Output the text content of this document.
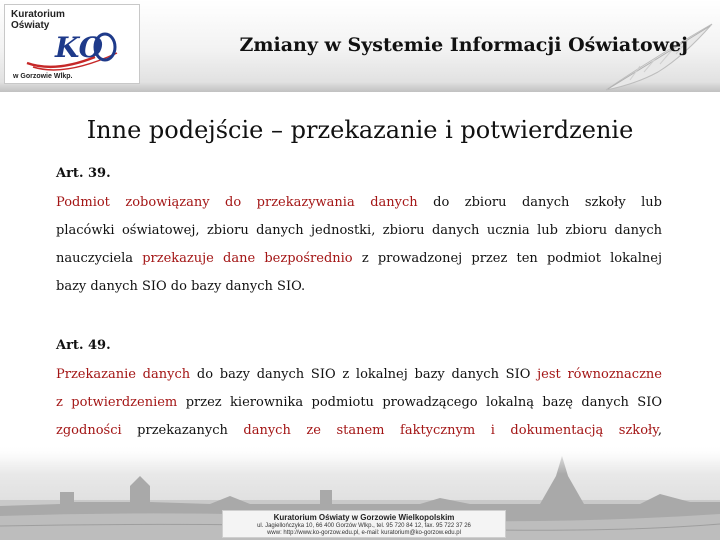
Kuratorium
Oświaty
KO
w Gorzowie Wlkp.
Zmiany w Systemie Informacji Oświatowej
Inne podejście – przekazanie i potwierdzenie
Art. 39.
Podmiot zobowiązany do przekazywania danych do zbioru danych szkoły lub
placówki oświatowej, zbioru danych jednostki, zbioru danych ucznia lub zbioru danych
nauczyciela przekazuje dane bezpośrednio z prowadzonej przez ten podmiot lokalnej
bazy danych SIO do bazy danych SIO.
Art. 49.
Przekazanie danych do bazy danych SIO z lokalnej bazy danych SIO jest równoznaczne
z potwierdzeniem przez kierownika podmiotu prowadzącego lokalną bazę danych SIO
zgodności przekazanych danych ze stanem faktycznym i dokumentacją szkoły,
Kuratorium Oświaty w Gorzowie Wielkopolskim
ul. Jagiellończyka 10, 66 400 Gorzów Wlkp., tel. 95 720 84 12, fax. 95 722 37 26
www: http://www.ko-gorzow.edu.pl, e-mail: kuratorium@ko-gorzow.edu.pl
